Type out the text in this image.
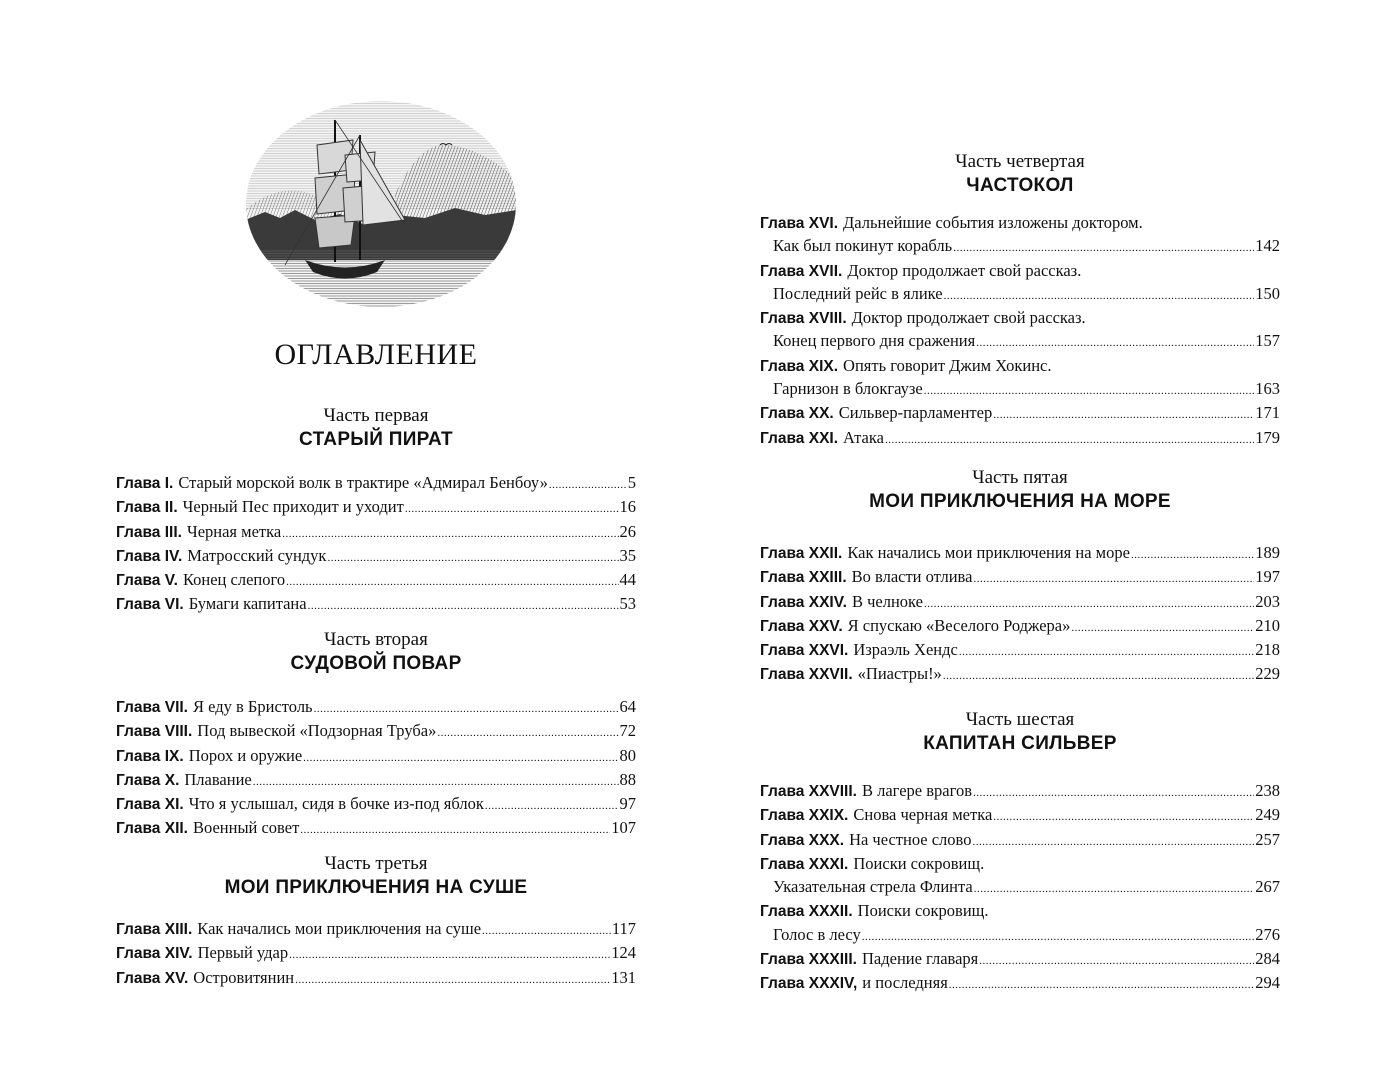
ОГЛАВЛЕНИЕ
Часть первая
СТАРЫЙ ПИРАТ
Глава I. Старый морской волк в трактире «Адмирал Бенбоу» .....	5
Глава II. Черный Пес приходит и уходит .....	16
Глава III. Черная метка .....	26
Глава IV. Матросский сундук .....	35
Глава V. Конец слепого .....	44
Глава VI. Бумаги капитана .....	53
Часть вторая
СУДОВОЙ ПОВАР
Глава VII. Я еду в Бристоль .....	64
Глава VIII. Под вывеской «Подзорная Труба» .....	72
Глава IX. Порох и оружие .....	80
Глава X. Плавание .....	88
Глава XI. Что я услышал, сидя в бочке из-под яблок .....	97
Глава XII. Военный совет .....	107
Часть третья
МОИ ПРИКЛЮЧЕНИЯ НА СУШЕ
Глава XIII. Как начались мои приключения на суше .....	117
Глава XIV. Первый удар .....	124
Глава XV. Островитянин .....	131
Часть четвертая
ЧАСТОКОЛ
Глава XVI. Дальнейшие события изложены доктором.
Как был покинут корабль .....	142
Глава XVII. Доктор продолжает свой рассказ.
Последний рейс в ялике .....	150
Глава XVIII. Доктор продолжает свой рассказ.
Конец первого дня сражения .....	157
Глава XIX. Опять говорит Джим Хокинс.
Гарнизон в блокгаузе .....	163
Глава XX. Сильвер-парламентер .....	171
Глава XXI. Атака .....	179
Часть пятая
МОИ ПРИКЛЮЧЕНИЯ НА МОРЕ
Глава XXII. Как начались мои приключения на море .....	189
Глава XXIII. Во власти отлива .....	197
Глава XXIV. В челноке .....	203
Глава XXV. Я спускаю «Веселого Роджера» .....	210
Глава XXVI. Израэль Хендс .....	218
Глава XXVII. «Пиастры!» .....	229
Часть шестая
КАПИТАН СИЛЬВЕР
Глава XXVIII. В лагере врагов .....	238
Глава XXIX. Снова черная метка .....	249
Глава XXX. На честное слово .....	257
Глава XXXI. Поиски сокровищ.
Указательная стрела Флинта .....	267
Глава XXXII. Поиски сокровищ.
Голос в лесу .....	276
Глава XXXIII. Падение главаря .....	284
Глава XXXIV, и последняя .....	294
